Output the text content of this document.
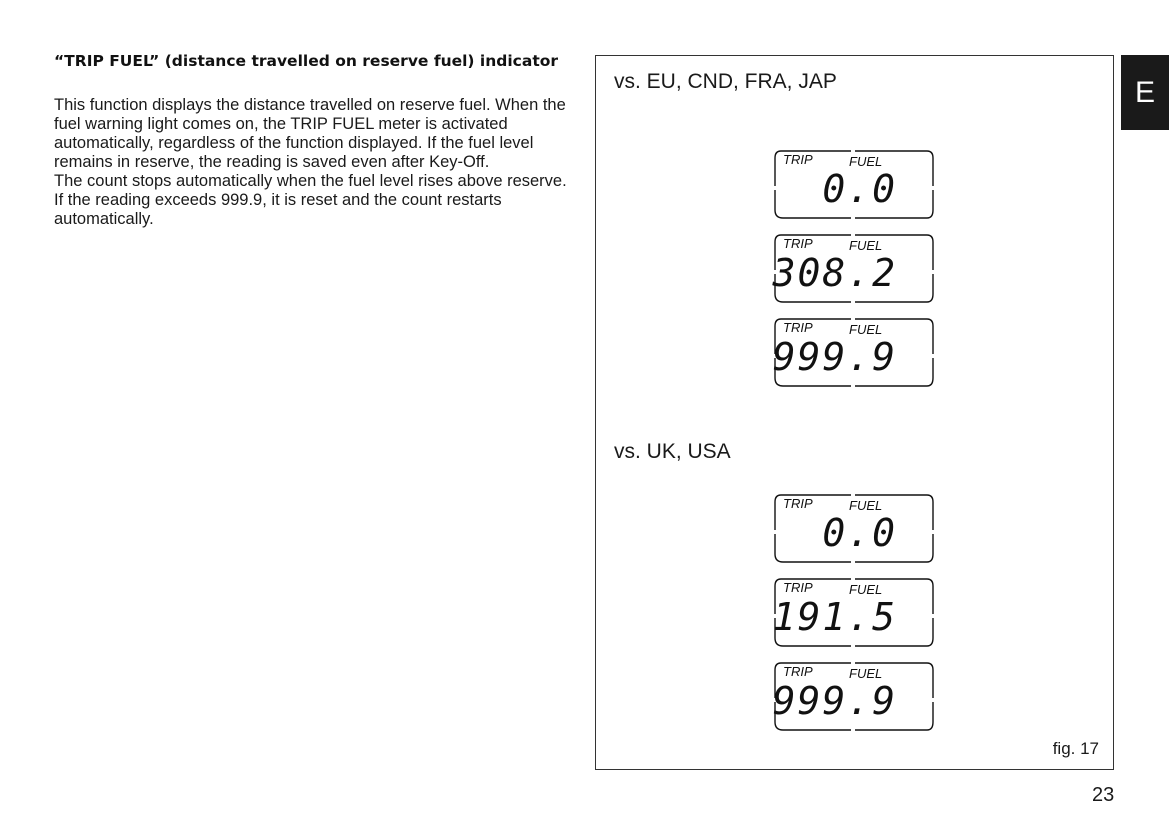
“TRIP FUEL” (distance travelled on reserve fuel) indicator

This function displays the distance travelled on reserve fuel. When the fuel warning light comes on, the TRIP FUEL meter is activated automatically, regardless of the function displayed. If the fuel level remains in reserve, the reading is saved even after Key-Off.

The count stops automatically when the fuel level rises above reserve.

If the reading exceeds 999.9, it is reset and the count restarts automatically.

vs. EU, CND, FRA, JAP
TRIP	FUEL
0.0
TRIP	FUEL
308.2
TRIP	FUEL
999.9
vs. UK, USA
TRIP	FUEL
0.0
TRIP	FUEL
191.5
TRIP	FUEL
999.9
fig. 17
E
23
